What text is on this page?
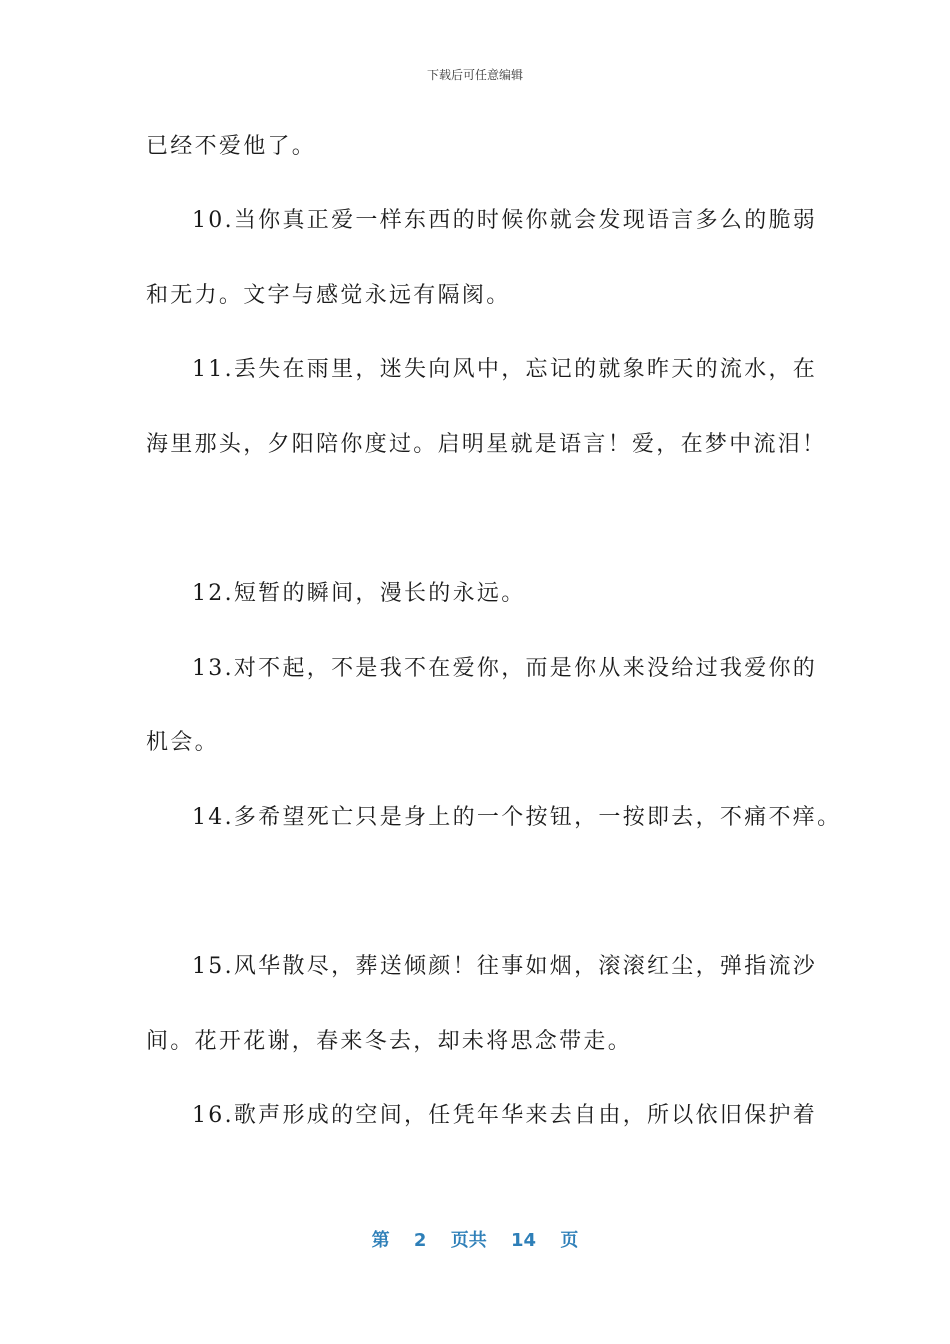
下载后可任意编辑
已经不爱他了。
10.当你真正爱一样东西的时候你就会发现语言多么的脆弱
和无力。文字与感觉永远有隔阂。
11.丢失在雨里，迷失向风中，忘记的就象昨天的流水，在
海里那头，夕阳陪你度过。启明星就是语言！爱，在梦中流泪！
12.短暂的瞬间，漫长的永远。
13.对不起，不是我不在爱你，而是你从来没给过我爱你的
机会。
14.多希望死亡只是身上的一个按钮，一按即去，不痛不痒。
15.风华散尽，葬送倾颜！往事如烟，滚滚红尘，弹指流沙
间。花开花谢，春来冬去，却未将思念带走。
16.歌声形成的空间，任凭年华来去自由，所以依旧保护着
第 2 页共 14 页
